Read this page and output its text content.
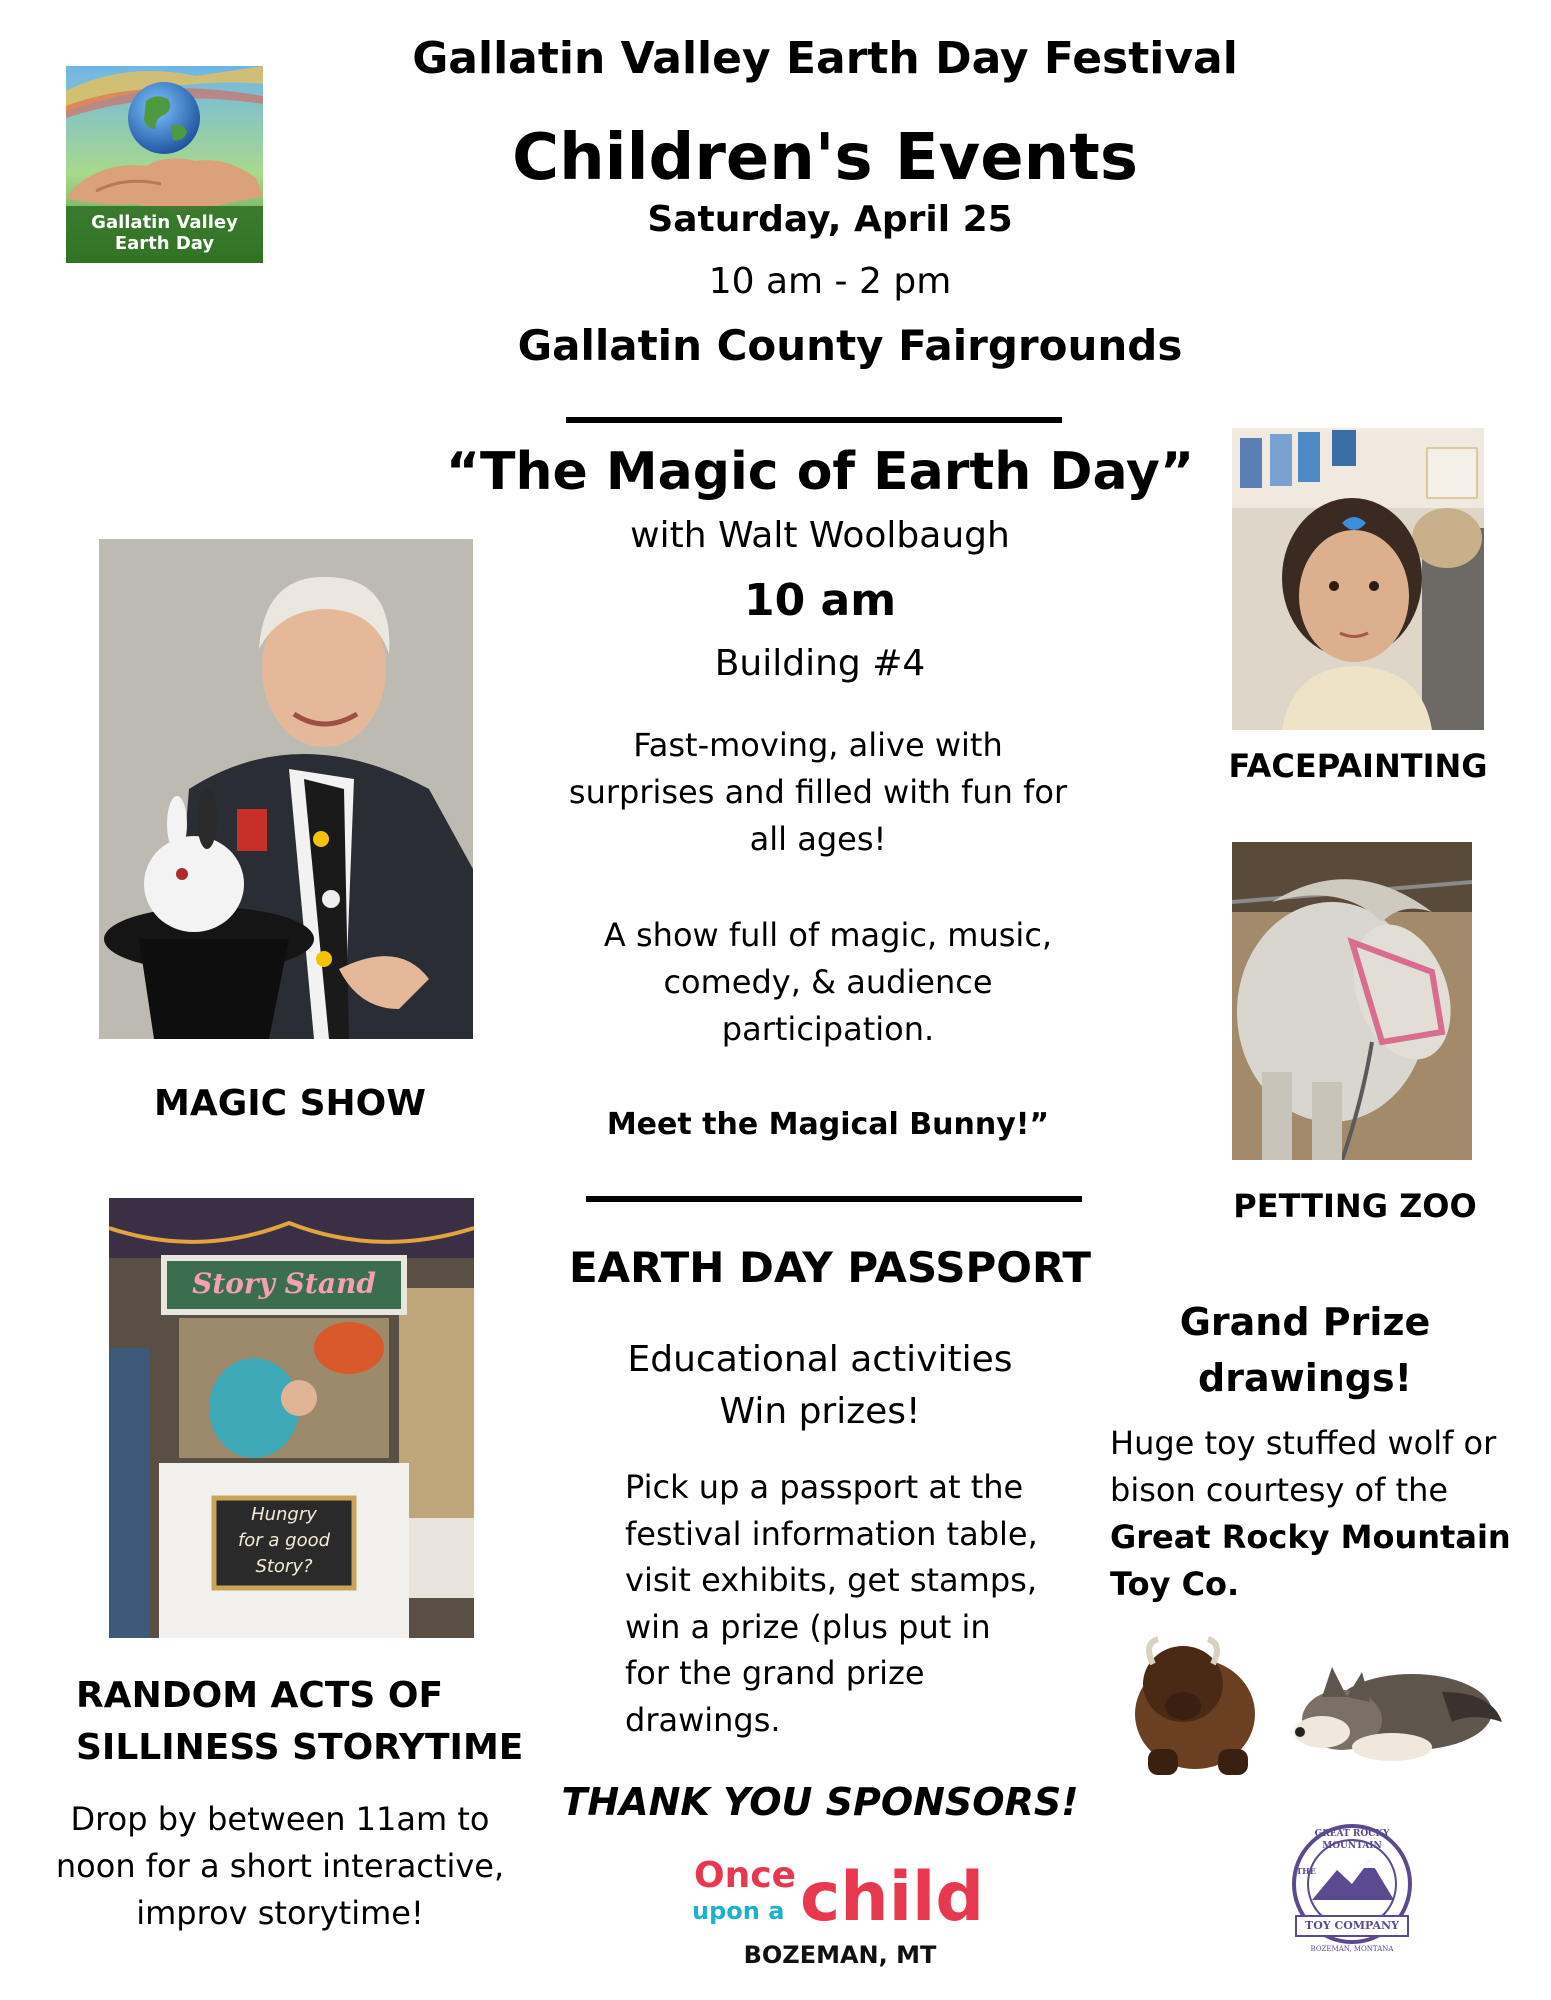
Gallatin Valley
Earth Day
Gallatin Valley Earth Day Festival
Children's Events
Saturday, April 25
10 am - 2 pm
Gallatin County Fairgrounds
“The Magic of Earth Day”
with Walt Woolbaugh
10 am
Building #4
Fast-moving, alive with
surprises and filled with fun for
all ages!
A show full of magic, music,
comedy, & audience
participation.
Meet the Magical Bunny!”
MAGIC SHOW
FACEPAINTING
PETTING ZOO
Grand Prize
drawings!
Huge toy stuffed wolf or
bison courtesy of the
Great Rocky Mountain
Toy Co.
Story Stand
Hungry
for a good
Story?
RANDOM ACTS OF
SILLINESS STORYTIME
Drop by between 11am to
noon for a short interactive,
improv storytime!
EARTH DAY PASSPORT
Educational activities
Win prizes!
Pick up a passport at the
festival information table,
visit exhibits, get stamps,
win a prize (plus put in
for the grand prize
drawings.
THANK YOU SPONSORS!
Once
upon a child
BOZEMAN, MT
GREAT ROCKY MOUNTAIN
THE
TOY COMPANY
BOZEMAN, MONTANA
